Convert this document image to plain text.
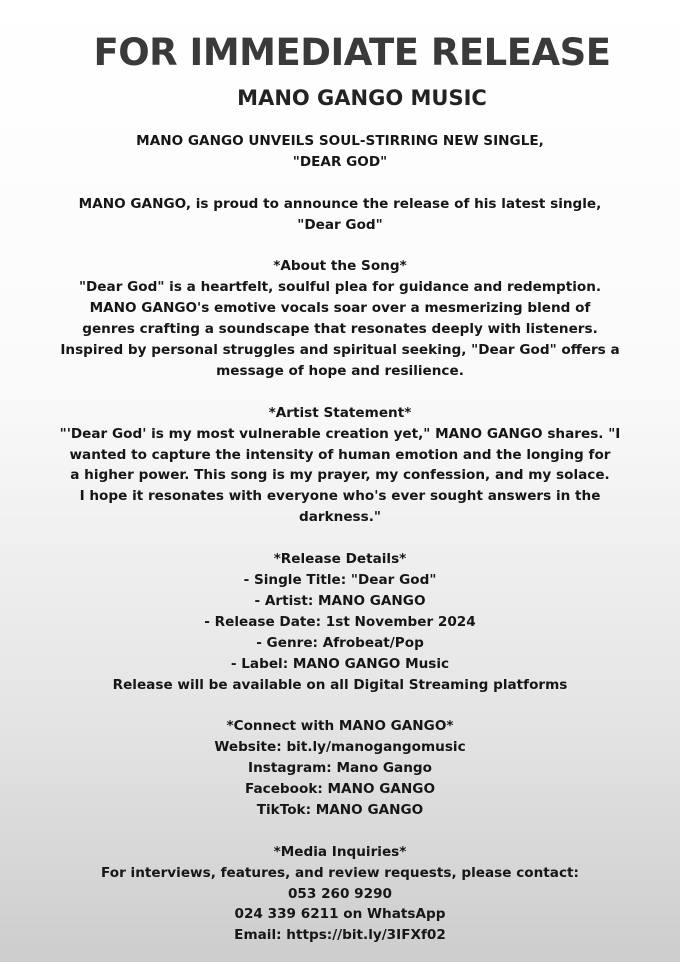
FOR IMMEDIATE RELEASE
MANO GANGO MUSIC
MANO GANGO UNVEILS SOUL-STIRRING NEW SINGLE,
"DEAR GOD"
MANO GANGO, is proud to announce the release of his latest single,
"Dear God"
*About the Song*
"Dear God" is a heartfelt, soulful plea for guidance and redemption.
MANO GANGO's emotive vocals soar over a mesmerizing blend of
genres crafting a soundscape that resonates deeply with listeners.
Inspired by personal struggles and spiritual seeking, "Dear God" offers a
message of hope and resilience.
*Artist Statement*
"'Dear God' is my most vulnerable creation yet," MANO GANGO shares. "I
wanted to capture the intensity of human emotion and the longing for
a higher power. This song is my prayer, my confession, and my solace.
I hope it resonates with everyone who's ever sought answers in the
darkness."
*Release Details*
- Single Title: "Dear God"
- Artist: MANO GANGO
- Release Date: 1st November 2024
- Genre: Afrobeat/Pop
- Label: MANO GANGO Music
Release will be available on all Digital Streaming platforms
*Connect with MANO GANGO*
Website: bit.ly/manogangomusic
Instagram: Mano Gango
Facebook: MANO GANGO
TikTok: MANO GANGO
*Media Inquiries*
For interviews, features, and review requests, please contact:
053 260 9290
024 339 6211 on WhatsApp
Email: https://bit.ly/3IFXf02
